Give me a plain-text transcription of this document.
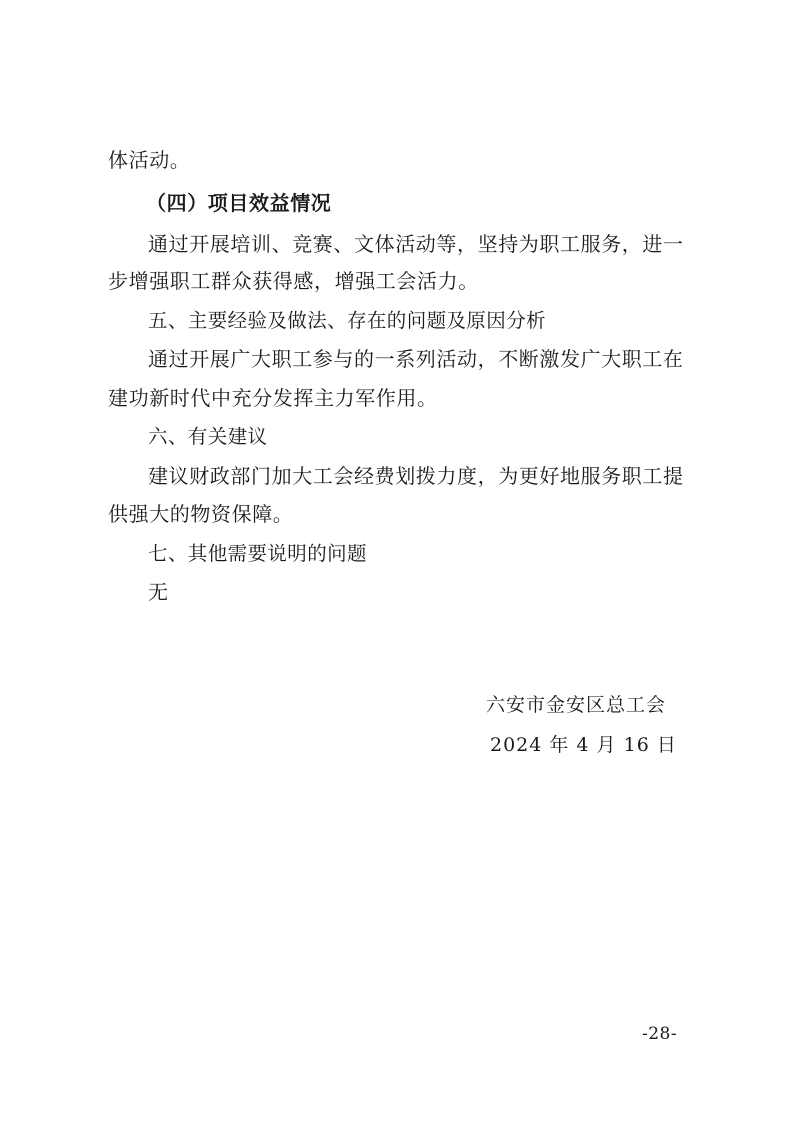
体活动。
（四）项目效益情况
通过开展培训、竞赛、文体活动等，坚持为职工服务，进一
步增强职工群众获得感，增强工会活力。
五、主要经验及做法、存在的问题及原因分析
通过开展广大职工参与的一系列活动，不断激发广大职工在
建功新时代中充分发挥主力军作用。
六、有关建议
建议财政部门加大工会经费划拨力度，为更好地服务职工提
供强大的物资保障。
七、其他需要说明的问题
无
六安市金安区总工会
2024 年 4 月 16 日
-28-
